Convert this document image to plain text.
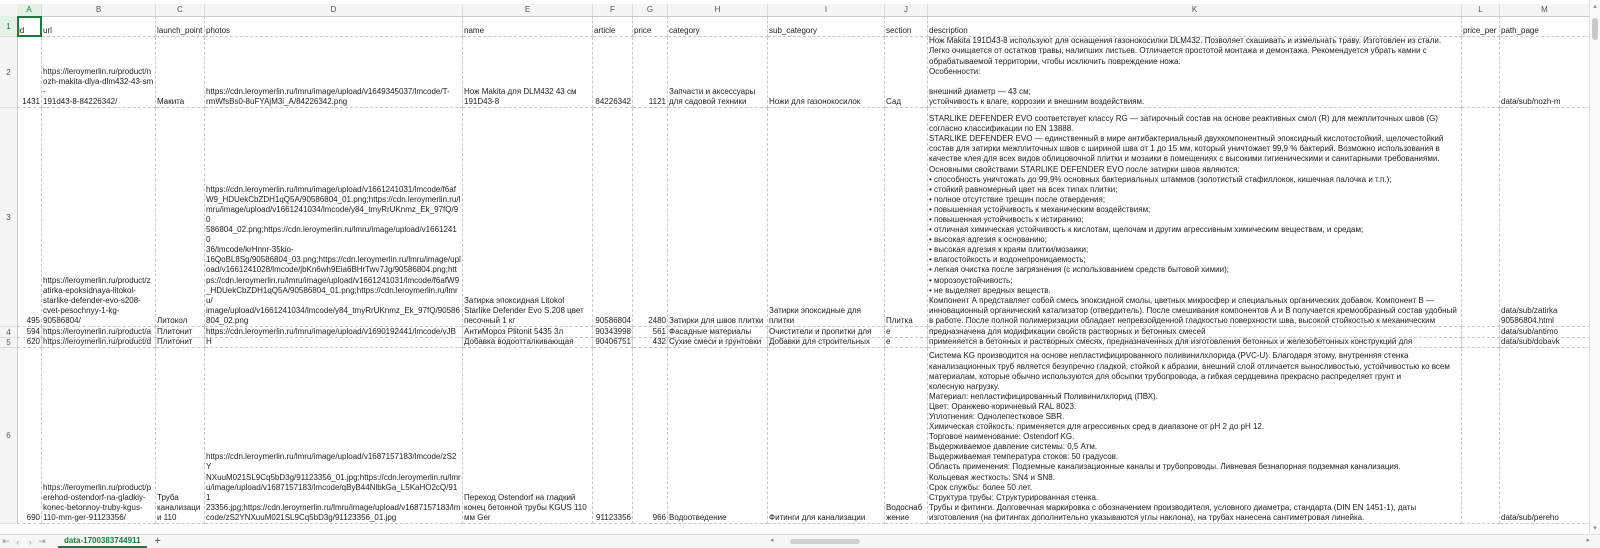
A	B	C	D	E	F	G	H	I	J	K	L	M
1 id	url	launch_point photos	name	article	price	category	sub_category	section	description	price_per path_page
2
1431
https://leroymerlin.ru/product/n
ozh-makita-dlya-dlm432-43-sm-
191d43-8-84226342/	Макита
https://cdn.leroymerlin.ru/lmru/image/upload/v1649345037/lmcode/T-
rmWfsBs0-8uFYAjM3i_A/84226342.png
Нож Makita для DLM432 43 см
191D43-8	84226342	1121
Запчасти и аксессуары
для садовой техники	Ножи для газонокосилок	Сад
Нож Makita 191D43-8 используют для оснащения газонокосилки DLM432. Позволяет скашивать и измельчать траву. Изготовлен из стали.
Легко очищается от остатков травы, налипших листьев. Отличается простотой монтажа и демонтажа. Рекомендуется убрать камни с
обрабатываемой территории, чтобы исключить повреждение ножа.
Особенности:

внешний диаметр — 43 см;
устойчивость к влаге, коррозии и внешним воздействиям.	data/sub/nozh-m
3
495
https://leroymerlin.ru/product/z
atirka-epoksidnaya-litokol-
starlike-defender-evo-s208-
cvet-pesochnyy-1-kg-
90586804/	Литокол
https://cdn.leroymerlin.ru/lmru/image/upload/v1661241031/lmcode/f6af
W9_HDUekCbZDH1qQ5A/90586804_01.png;https://cdn.leroymerlin.ru/l
mru/image/upload/v1661241034/lmcode/y84_tmyRrUKnmz_Ek_97fQ/90
586804_02.png;https://cdn.leroymerlin.ru/lmru/image/upload/v16612410
36/lmcode/krHnnr-35kio-
16QoBL8Sg/90586804_03.png;https://cdn.leroymerlin.ru/lmru/image/upl
oad/v1661241028/lmcode/jbKn6wh9Eia6BHrTwv7Jg/90586804.png;htt
ps://cdn.leroymerlin.ru/lmru/image/upload/v1661241031/lmcode/f6afW9
_HDUekCbZDH1qQ5A/90586804_01.png;https://cdn.leroymerlin.ru/lmru/
image/upload/v1661241034/lmcode/y84_tmyRrUKnmz_Ek_97fQ/90586
804_02.png
Затирка эпоксидная Litokol
Starlike Defender Evo S.208 цвет
песочный 1 кг	90586804	2480 Затирки для швов плитки
Затирки эпоксидные для
плитки	Плитка
STARLIKE DEFENDER EVO соответствует классу RG — затирочный состав на основе реактивных смол (R) для межплиточных швов (G)
согласно классификации по EN 13888.
STARLIKE DEFENDER EVO — единственный в мире антибактериальный двухкомпонентный эпоксидный кислотостойкий, щелочестойкий
состав для затирки межплиточных швов с шириной шва от 1 до 15 мм, который уничтожает 99,9 % бактерий. Возможно использования в
качестве клея для всех видов облицовочной плитки и мозаики в помещениях с высокими гигиеническими и санитарными требованиями.
Основными свойствами STARLIKE DEFENDER EVO после затирки швов являются:
• способность уничтожать до 99,9% основных бактериальных штаммов (золотистый стафиллокок, кишечная палочка и т.п.);
• стойкий равномерный цвет на всех типах плитки;
• полное отсутствие трещин после отвердения;
• повышенная устойчивость к механическим воздействиям;
• повышенная устойчивость к истиранию;
• отличная химическая устойчивость к кислотам, щелочам и другим агрессивным химическим веществам, и средам;
• высокая адгезия к основанию;
• высокая адгезия к краям плитки/мозаики;
• влагостойкость и водонепроницаемость;
• легкая очистка после загрязнения (с использованием средств бытовой химии);
• морозоустойчивость;
• не выделяет вредных веществ.
Компонент А представляет собой смесь эпоксидной смолы, цветных микросфер и специальных органических добавок. Компонент В —
инновационный органический катализатор (отвердитель). После смешивания компонентов А и В получается кремообразный состав удобный
в работе. После полной полимеризации обладает непревзойденной гладкостью поверхности шва, высокой стойкостью к механическим
data/sub/zatirka
90586804.html
4	594 https://leroymerlin.ru/product/a Плитонит	https://cdn.leroymerlin.ru/lmru/image/upload/v1690192441/lmcode/vJB	АнтиМороз Plitonit 5435 3л	90343998	561 Фасадные материалы	Очистители и пропитки для	е	предназначена для модификации свойств растворных и бетонных смесей	data/sub/antimo
5	620 https://leroymerlin.ru/product/d Плитонит	H	Добавка водоотталкивающая	90406751	432 Сухие смеси и грунтовки Добавки для строительных	е	применяется в бетонных и растворных смесях, предназначенных для изготовления бетонных и железобетонных конструкций для	data/sub/dobavk
6
690
https://leroymerlin.ru/product/p
erehod-ostendorf-na-gladkiy-
konec-betonnoy-truby-kgus-
110-mm-ger-91123356/
Труба
канализаци
и 110
https://cdn.leroymerlin.ru/lmru/image/upload/v1687157183/lmcode/zS2Y
NXuuM021SL9Cq5bD3g/91123356_01.jpg;https://cdn.leroymerlin.ru/lmr
u/image/upload/v1687157183/lmcode/qByB44NlbkGa_L5KaHO2cQ/911
23356.jpg;https://cdn.leroymerlin.ru/lmru/image/upload/v1687157183/lm
code/zS2YNXuuM021SL9Cq5bD3g/91123356_01.jpg
Переход Ostendorf на гладкий
конец бетонной трубы KGUS 110
мм Ger	91123356	966 Водоотведение	Фитинги для канализации
Водоснаб
жение
Система KG производится на основе непластифицированного поливинилхлорида (PVC-U). Благодаря этому, внутренняя стенка
канализационных труб является безупречно гладкой, стойкой к абразии, внешний слой отличается выносливостью, устойчивостью ко всем
материалам, которые обычно используются для обсыпки трубопровода, а гибкая сердцевина прекрасно распределяет грунт и
колесную нагрузку.
Материал: непластифицированный Поливинилхлорид (ПВХ).
Цвет: Оранжево-коричневый RAL 8023.
Уплотнения: Однолепестковое SBR.
Химическая стойкость: применяется для агрессивных сред в диапазоне от pH 2 до pH 12.
Торговое наименование: Ostendorf KG.
Выдерживаемое давление системы: 0,5 Атм.
Выдерживаемая температура стоков: 50 градусов.
Область применения: Подземные канализационные каналы и трубопроводы. Ливневая безнапорная подземная канализация.
Кольцевая жесткость: SN4 и SN8.
Срок службы: более 50 лет.
Структура трубы: Структурированная стенка.
Трубы и фитинги. Долговечная маркировка с обозначением производителя, условного диаметра, стандарта (DIN EN 1451-1), даты
изготовления (на фитингах дополнительно указываются углы наклона), на трубах нанесена сантиметровая линейка.	data/sub/pereho
▴
▾
⇤ ‹	› ⇥	data-1700383744911	+	◂	▸
